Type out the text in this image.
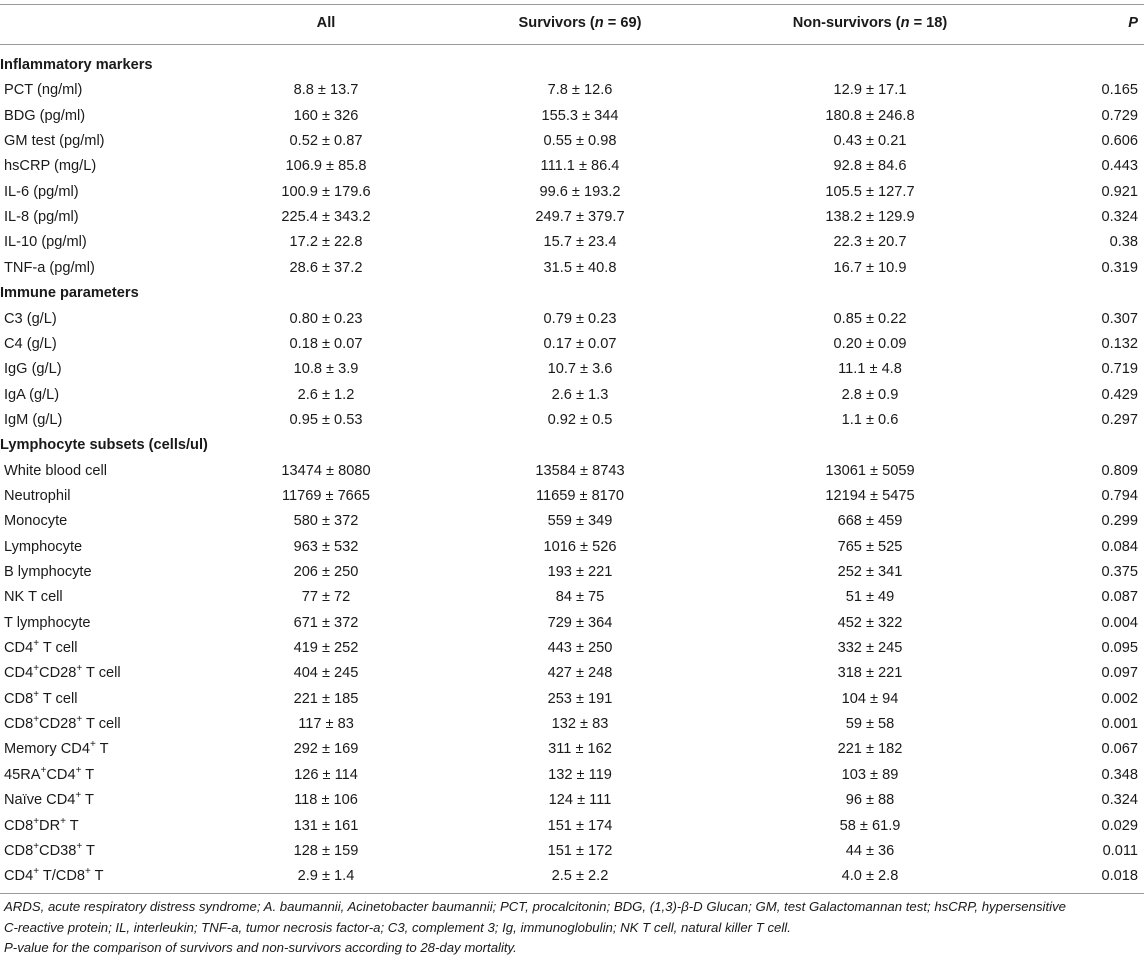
All	Survivors (n = 69)	Non-survivors (n = 18)	P
Inflammatory markers
PCT (ng/ml)	8.8 ± 13.7	7.8 ± 12.6	12.9 ± 17.1	0.165
BDG (pg/ml)	160 ± 326	155.3 ± 344	180.8 ± 246.8	0.729
GM test (pg/ml)	0.52 ± 0.87	0.55 ± 0.98	0.43 ± 0.21	0.606
hsCRP (mg/L)	106.9 ± 85.8	111.1 ± 86.4	92.8 ± 84.6	0.443
IL-6 (pg/ml)	100.9 ± 179.6	99.6 ± 193.2	105.5 ± 127.7	0.921
IL-8 (pg/ml)	225.4 ± 343.2	249.7 ± 379.7	138.2 ± 129.9	0.324
IL-10 (pg/ml)	17.2 ± 22.8	15.7 ± 23.4	22.3 ± 20.7	0.38
TNF-a (pg/ml)	28.6 ± 37.2	31.5 ± 40.8	16.7 ± 10.9	0.319
Immune parameters
C3 (g/L)	0.80 ± 0.23	0.79 ± 0.23	0.85 ± 0.22	0.307
C4 (g/L)	0.18 ± 0.07	0.17 ± 0.07	0.20 ± 0.09	0.132
IgG (g/L)	10.8 ± 3.9	10.7 ± 3.6	11.1 ± 4.8	0.719
IgA (g/L)	2.6 ± 1.2	2.6 ± 1.3	2.8 ± 0.9	0.429
IgM (g/L)	0.95 ± 0.53	0.92 ± 0.5	1.1 ± 0.6	0.297
Lymphocyte subsets (cells/ul)
White blood cell	13474 ± 8080	13584 ± 8743	13061 ± 5059	0.809
Neutrophil	11769 ± 7665	11659 ± 8170	12194 ± 5475	0.794
Monocyte	580 ± 372	559 ± 349	668 ± 459	0.299
Lymphocyte	963 ± 532	1016 ± 526	765 ± 525	0.084
B lymphocyte	206 ± 250	193 ± 221	252 ± 341	0.375
NK T cell	77 ± 72	84 ± 75	51 ± 49	0.087
T lymphocyte	671 ± 372	729 ± 364	452 ± 322	0.004
CD4+ T cell	419 ± 252	443 ± 250	332 ± 245	0.095
CD4+CD28+ T cell	404 ± 245	427 ± 248	318 ± 221	0.097
CD8+ T cell	221 ± 185	253 ± 191	104 ± 94	0.002
CD8+CD28+ T cell	117 ± 83	132 ± 83	59 ± 58	0.001
Memory CD4+ T	292 ± 169	311 ± 162	221 ± 182	0.067
45RA+CD4+ T	126 ± 114	132 ± 119	103 ± 89	0.348
Naïve CD4+ T	118 ± 106	124 ± 111	96 ± 88	0.324
CD8+DR+ T	131 ± 161	151 ± 174	58 ± 61.9	0.029
CD8+CD38+ T	128 ± 159	151 ± 172	44 ± 36	0.011
CD4+ T/CD8+ T	2.9 ± 1.4	2.5 ± 2.2	4.0 ± 2.8	0.018
ARDS, acute respiratory distress syndrome; A. baumannii, Acinetobacter baumannii; PCT, procalcitonin; BDG, (1,3)-β-D Glucan; GM, test Galactomannan test; hsCRP, hypersensitive
C-reactive protein; IL, interleukin; TNF-a, tumor necrosis factor-a; C3, complement 3; Ig, immunoglobulin; NK T cell, natural killer T cell.
P-value for the comparison of survivors and non-survivors according to 28-day mortality.
